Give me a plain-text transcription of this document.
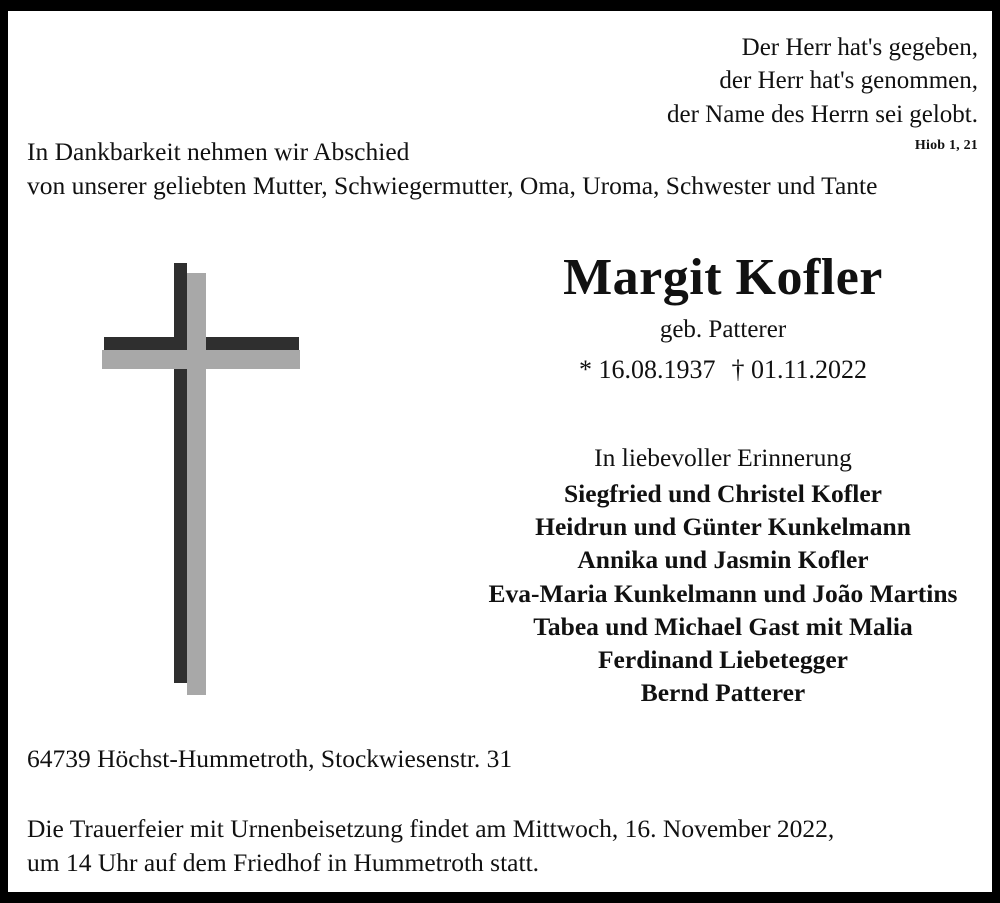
Der Herr hat's gegeben,
der Herr hat's genommen,
der Name des Herrn sei gelobt.
Hiob 1, 21
In Dankbarkeit nehmen wir Abschied
von unserer geliebten Mutter, Schwiegermutter, Oma, Uroma, Schwester und Tante
Margit Kofler
geb. Patterer
* 16.08.1937 † 01.11.2022
In liebevoller Erinnerung
Siegfried und Christel Kofler
Heidrun und Günter Kunkelmann
Annika und Jasmin Kofler
Eva-Maria Kunkelmann und João Martins
Tabea und Michael Gast mit Malia
Ferdinand Liebetegger
Bernd Patterer
64739 Höchst-Hummetroth, Stockwiesenstr. 31
Die Trauerfeier mit Urnenbeisetzung findet am Mittwoch, 16. November 2022,
um 14 Uhr auf dem Friedhof in Hummetroth statt.
